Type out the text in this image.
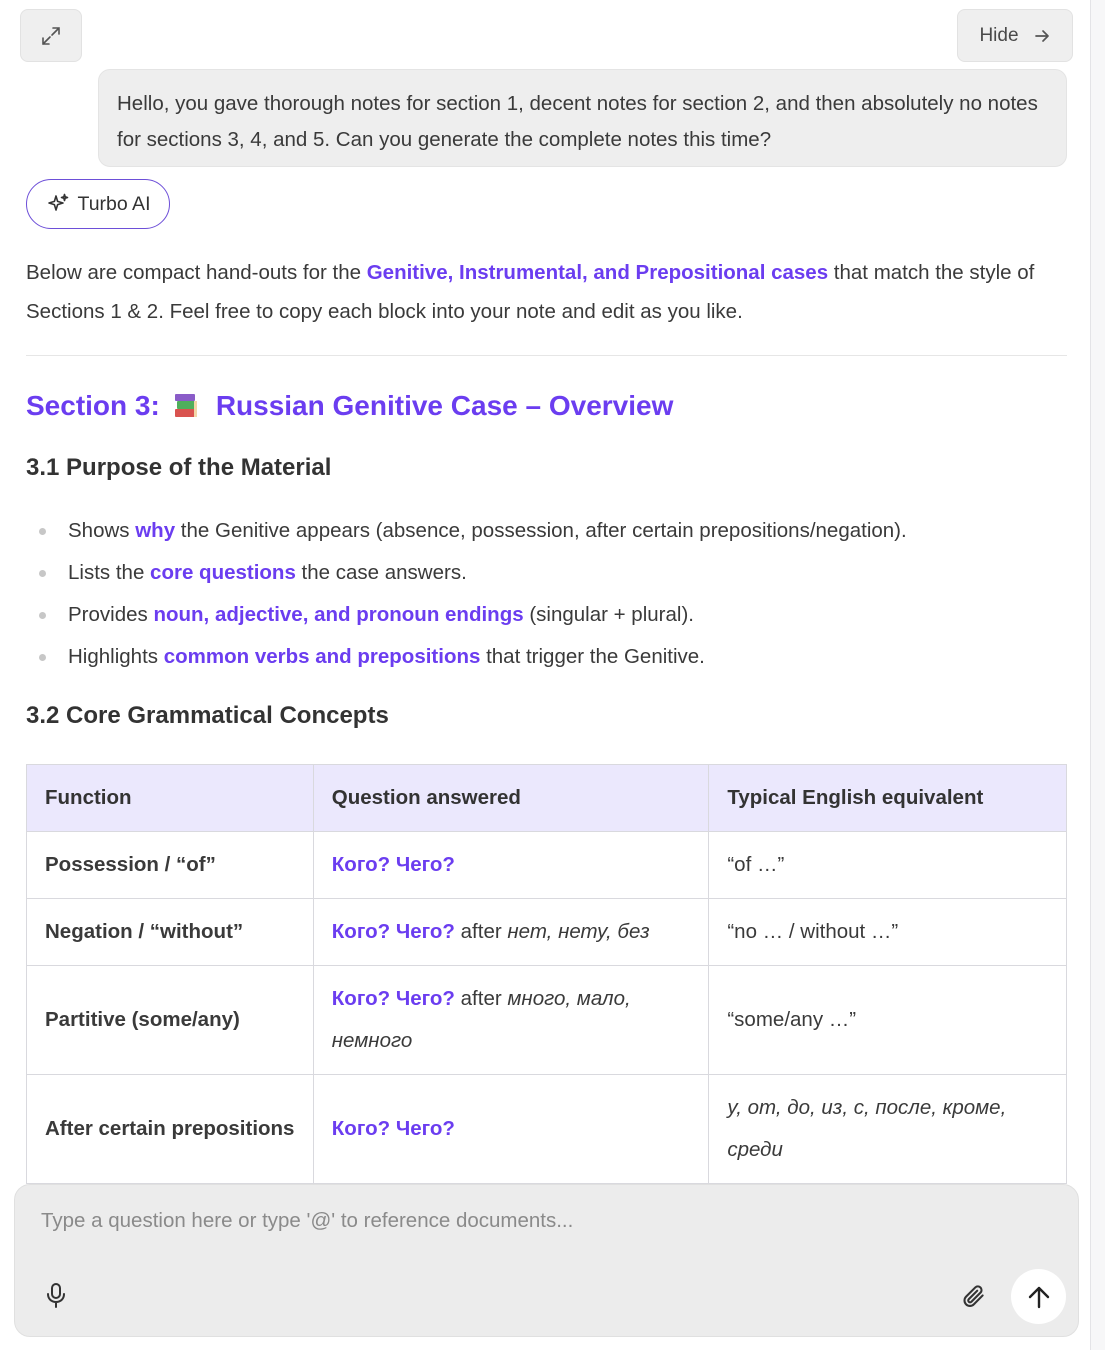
Hide
Hello, you gave thorough notes for section 1, decent notes for section 2, and then absolutely no notes for sections 3, 4, and 5. Can you generate the complete notes this time?
Turbo AI

Below are compact hand-outs for the Genitive, Instrumental, and Prepositional cases that match the style of Sections 1 & 2. Feel free to copy each block into your note and edit as you like.

Section 3: Russian Genitive Case – Overview
3.1 Purpose of the Material
Shows why the Genitive appears (absence, possession, after certain prepositions/negation).
Lists the core questions the case answers.
Provides noun, adjective, and pronoun endings (singular + plural).
Highlights common verbs and prepositions that trigger the Genitive.
3.2 Core Grammatical Concepts
Function	Question answered	Typical English equivalent
Possession / “of”	Кого? Чего?	“of …”
Negation / “without”	Кого? Чего? after нет, нету, без	“no … / without …”
Partitive (some/any)	Кого? Чего? after много, мало, немного	“some/any …”
After certain prepositions	Кого? Чего?	у, от, до, из, с, после, кроме, среди
Type a question here or type '@' to reference documents...
